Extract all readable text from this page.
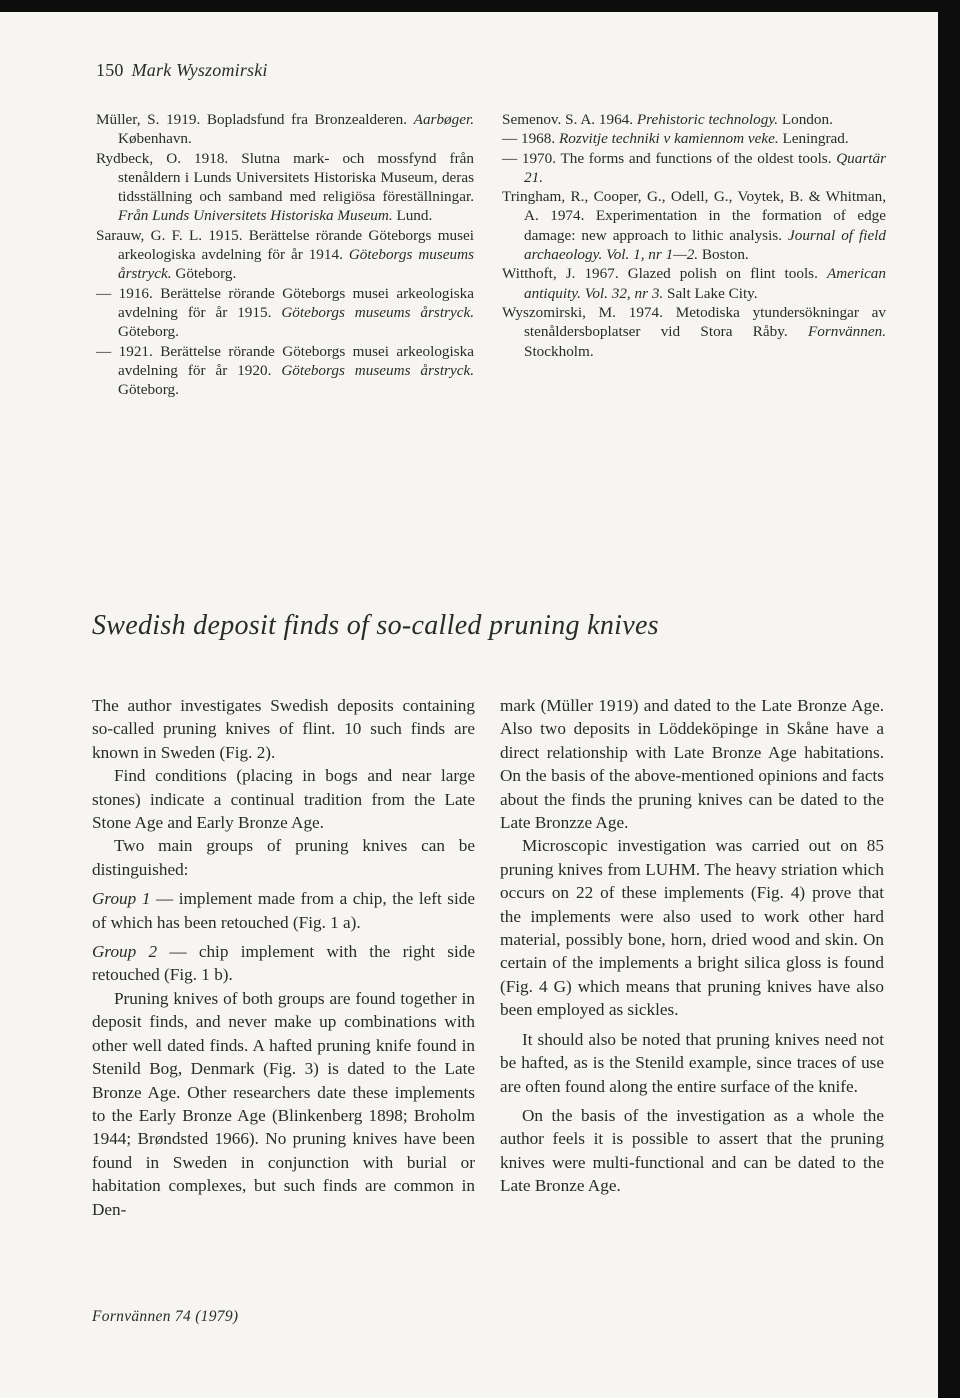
150 Mark Wyszomirski

Müller, S. 1919. Bopladsfund fra Bronzealderen. Aarbøger. København.

Rydbeck, O. 1918. Slutna mark- och mossfynd från stenåldern i Lunds Universitets Historiska Museum, deras tidsställning och samband med religiösa föreställningar. Från Lunds Universitets Historiska Museum. Lund.

Sarauw, G. F. L. 1915. Berättelse rörande Göteborgs musei arkeologiska avdelning för år 1914. Göteborgs museums årstryck. Göteborg.

— 1916. Berättelse rörande Göteborgs musei arkeologiska avdelning för år 1915. Göteborgs museums årstryck. Göteborg.

— 1921. Berättelse rörande Göteborgs musei arkeologiska avdelning för år 1920. Göteborgs museums årstryck. Göteborg.

Semenov. S. A. 1964. Prehistoric technology. London.

— 1968. Rozvitje techniki v kamiennom veke. Leningrad.

— 1970. The forms and functions of the oldest tools. Quartär 21.

Tringham, R., Cooper, G., Odell, G., Voytek, B. & Whitman, A. 1974. Experimentation in the formation of edge damage: new approach to lithic analysis. Journal of field archaeology. Vol. 1, nr 1—2. Boston.

Witthoft, J. 1967. Glazed polish on flint tools. American antiquity. Vol. 32, nr 3. Salt Lake City.

Wyszomirski, M. 1974. Metodiska ytundersökningar av stenåldersboplatser vid Stora Råby. Fornvännen. Stockholm.

Swedish deposit finds of so-called pruning knives

The author investigates Swedish deposits containing so-called pruning knives of flint. 10 such finds are known in Sweden (Fig. 2).

Find conditions (placing in bogs and near large stones) indicate a continual tradition from the Late Stone Age and Early Bronze Age.

Two main groups of pruning knives can be distinguished:

Group 1 — implement made from a chip, the left side of which has been retouched (Fig. 1 a).

Group 2 — chip implement with the right side retouched (Fig. 1 b).

Pruning knives of both groups are found together in deposit finds, and never make up combinations with other well dated finds. A hafted pruning knife found in Stenild Bog, Denmark (Fig. 3) is dated to the Late Bronze Age. Other researchers date these implements to the Early Bronze Age (Blinkenberg 1898; Broholm 1944; Brøndsted 1966). No pruning knives have been found in Sweden in conjunction with burial or habitation complexes, but such finds are common in Den-

mark (Müller 1919) and dated to the Late Bronze Age. Also two deposits in Löddeköpinge in Skåne have a direct relationship with Late Bronze Age habitations. On the basis of the above-mentioned opinions and facts about the finds the pruning knives can be dated to the Late Bronzze Age.

Microscopic investigation was carried out on 85 pruning knives from LUHM. The heavy striation which occurs on 22 of these implements (Fig. 4) prove that the implements were also used to work other hard material, possibly bone, horn, dried wood and skin. On certain of the implements a bright silica gloss is found (Fig. 4 G) which means that pruning knives have also been employed as sickles.

It should also be noted that pruning knives need not be hafted, as is the Stenild example, since traces of use are often found along the entire surface of the knife.

On the basis of the investigation as a whole the author feels it is possible to assert that the pruning knives were multi-functional and can be dated to the Late Bronze Age.

Fornvännen 74 (1979)
